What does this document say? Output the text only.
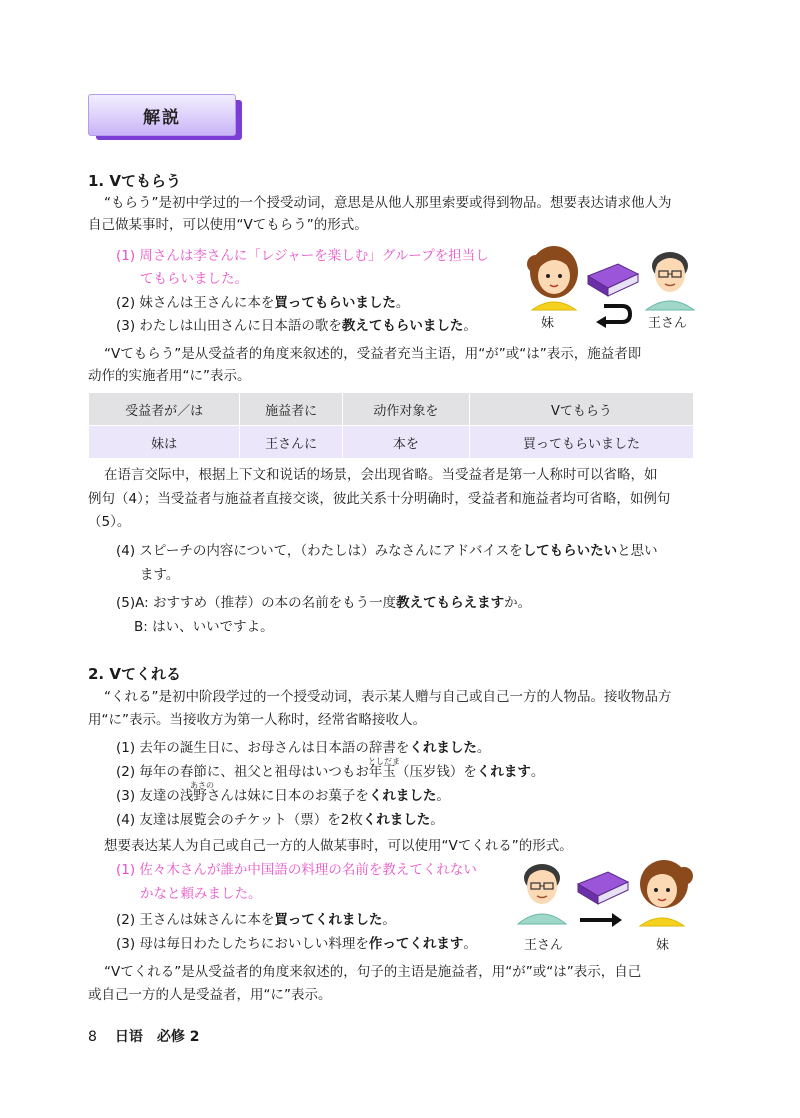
解説
1. Vてもらう
“もらう”是初中学过的一个授受动词，意思是从他人那里索要或得到物品。想要表达请求他人为
自己做某事时，可以使用“Vてもらう”的形式。
(1) 周さんは李さんに「レジャーを楽しむ」グループを担当し
てもらいました。
(2) 妹さんは王さんに本を買ってもらいました。
(3) わたしは山田さんに日本語の歌を教えてもらいました。	妹	王さん
“Vてもらう”是从受益者的角度来叙述的，受益者充当主语，用“が”或“は”表示，施益者即
动作的实施者用“に”表示。
受益者が／は	施益者に	动作对象を	Vてもらう
妹は	王さんに	本を	買ってもらいました
在语言交际中，根据上下文和说话的场景，会出现省略。当受益者是第一人称时可以省略，如
例句（4）；当受益者与施益者直接交谈，彼此关系十分明确时，受益者和施益者均可省略，如例句
（5）。
(4) スピーチの内容について，（わたしは）みなさんにアドバイスをしてもらいたいと思い
ます。
(5)A: おすすめ（推荐）の本の名前をもう一度教えてもらえますか。
B: はい、いいですよ。
2. Vてくれる
“くれる”是初中阶段学过的一个授受动词，表示某人赠与自己或自己一方的人物品。接收物品方
用“に”表示。当接收方为第一人称时，经常省略接收人。
(1) 去年の誕生日に、お母さんは日本語の辞書をくれました。
としだま
(2) 毎年の春節に、祖父と祖母はいつもお年玉（压岁钱）をくれます。
あさの
(3) 友達の浅野さんは妹に日本のお菓子をくれました。
(4) 友達は展覧会のチケット（票）を2枚くれました。
想要表达某人为自己或自己一方的人做某事时，可以使用“Vてくれる”的形式。
(1) 佐々木さんが誰か中国語の料理の名前を教えてくれない
かなと頼みました。
(2) 王さんは妹さんに本を買ってくれました。
(3) 母は毎日わたしたちにおいしい料理を作ってくれます。	王さん	妹
“Vてくれる”是从受益者的角度来叙述的，句子的主语是施益者，用“が”或“は”表示，自己
或自己一方的人是受益者，用“に”表示。
8 日语　必修 2
